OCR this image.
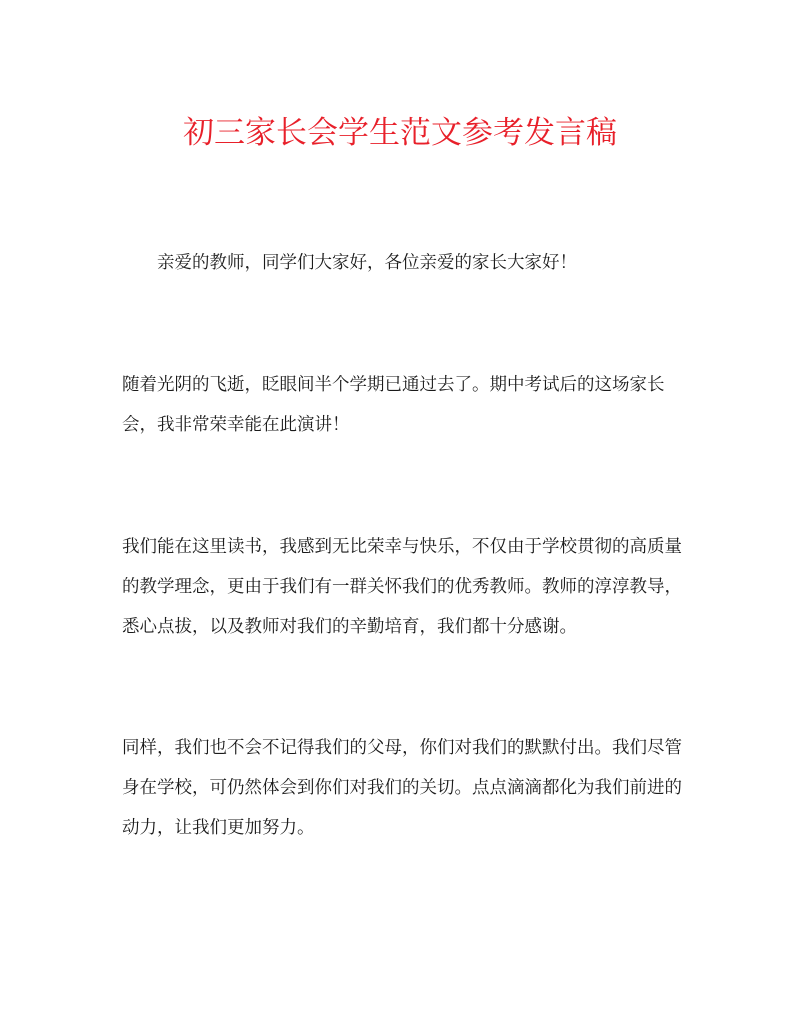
初三家长会学生范文参考发言稿

亲爱的教师，同学们大家好，各位亲爱的家长大家好！

随着光阴的飞逝，眨眼间半个学期已通过去了。期中考试后的这场家长会，我非常荣幸能在此演讲！

我们能在这里读书，我感到无比荣幸与快乐，不仅由于学校贯彻的高质量的教学理念，更由于我们有一群关怀我们的优秀教师。教师的淳淳教导，悉心点拔，以及教师对我们的辛勤培育，我们都十分感谢。

同样，我们也不会不记得我们的父母，你们对我们的默默付出。我们尽管身在学校，可仍然体会到你们对我们的关切。点点滴滴都化为我们前进的动力，让我们更加努力。
